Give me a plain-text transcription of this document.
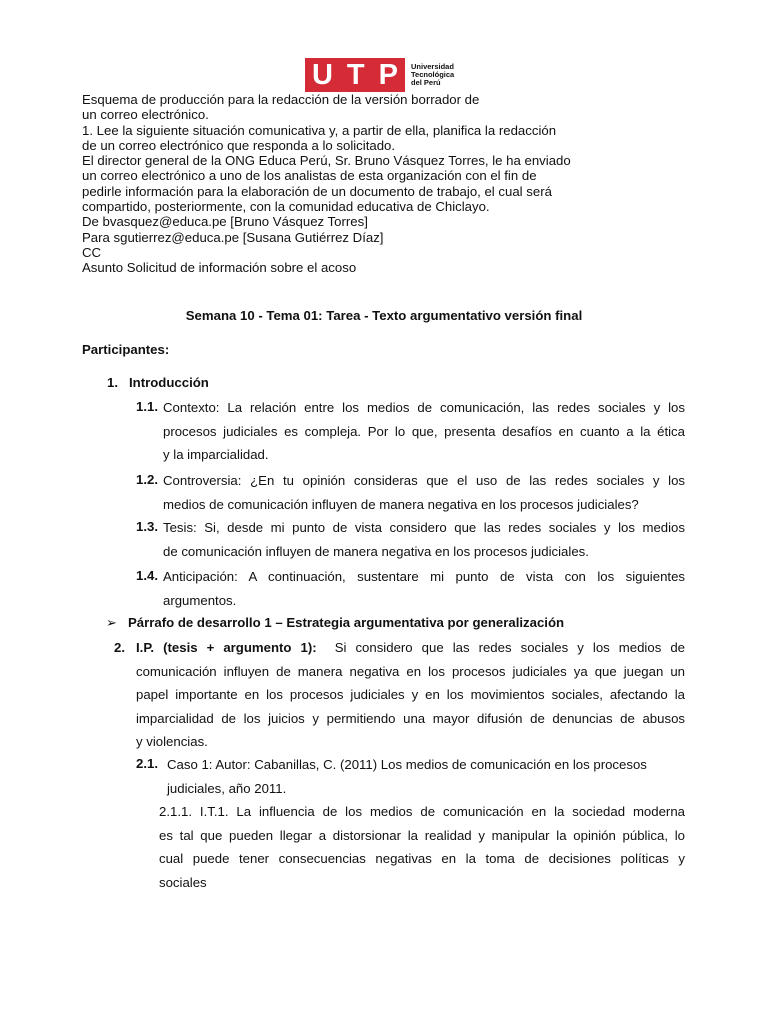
U T P Universidad
Tecnológica
del Perú
Esquema de producción para la redacción de la versión borrador de
un correo electrónico.
1. Lee la siguiente situación comunicativa y, a partir de ella, planifica la redacción
de un correo electrónico que responda a lo solicitado.
El director general de la ONG Educa Perú, Sr. Bruno Vásquez Torres, le ha enviado
un correo electrónico a uno de los analistas de esta organización con el fin de
pedirle información para la elaboración de un documento de trabajo, el cual será
compartido, posteriormente, con la comunidad educativa de Chiclayo.
De bvasquez@educa.pe [Bruno Vásquez Torres]
Para sgutierrez@educa.pe [Susana Gutiérrez Díaz]
CC
Asunto Solicitud de información sobre el acoso
Semana 10 - Tema 01: Tarea - Texto argumentativo versión final
Participantes:
1. Introducción
1.1. Contexto: La relación entre los medios de comunicación, las redes sociales y los
procesos judiciales es compleja. Por lo que, presenta desafíos en cuanto a la ética
y la imparcialidad.
1.2. Controversia: ¿En tu opinión consideras que el uso de las redes sociales y los
medios de comunicación influyen de manera negativa en los procesos judiciales?
1.3. Tesis: Si, desde mi punto de vista considero que las redes sociales y los medios
de comunicación influyen de manera negativa en los procesos judiciales.
1.4. Anticipación: A continuación, sustentare mi punto de vista con los siguientes
argumentos.
➢ Párrafo de desarrollo 1 – Estrategia argumentativa por generalización
2. I.P. (tesis + argumento 1): Si considero que las redes sociales y los medios de
comunicación influyen de manera negativa en los procesos judiciales ya que juegan un
papel importante en los procesos judiciales y en los movimientos sociales, afectando la
imparcialidad de los juicios y permitiendo una mayor difusión de denuncias de abusos
y violencias.
2.1. Caso 1: Autor: Cabanillas, C. (2011) Los medios de comunicación en los procesos
judiciales, año 2011.
2.1.1. I.T.1. La influencia de los medios de comunicación en la sociedad moderna
es tal que pueden llegar a distorsionar la realidad y manipular la opinión pública, lo
cual puede tener consecuencias negativas en la toma de decisiones políticas y
sociales
